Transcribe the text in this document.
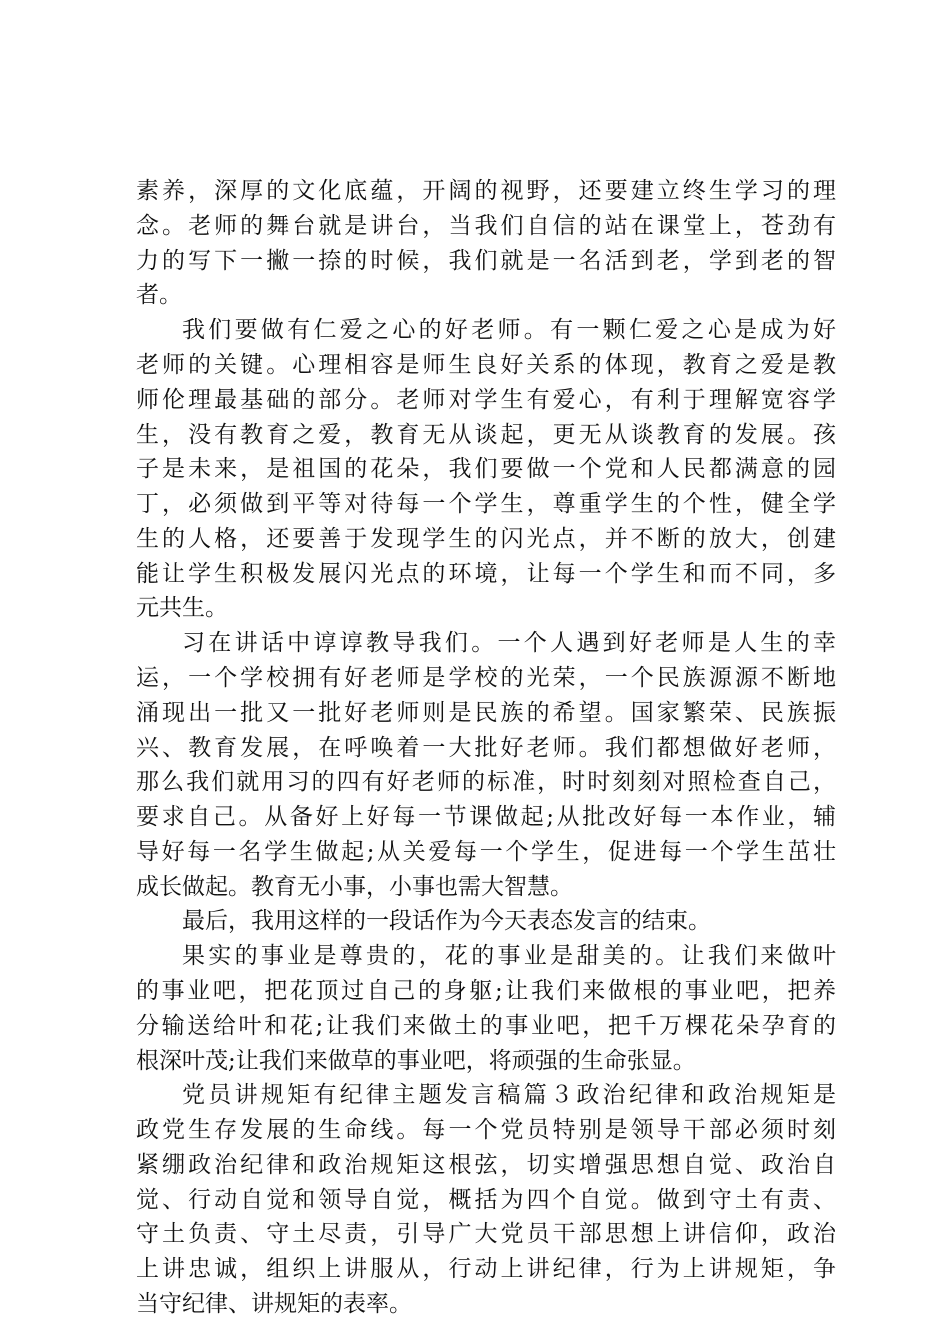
素养，深厚的文化底蕴，开阔的视野，还要建立终生学习的理
念。老师的舞台就是讲台，当我们自信的站在课堂上，苍劲有
力的写下一撇一捺的时候，我们就是一名活到老，学到老的智
者。
我们要做有仁爱之心的好老师。有一颗仁爱之心是成为好
老师的关键。心理相容是师生良好关系的体现，教育之爱是教
师伦理最基础的部分。老师对学生有爱心，有利于理解宽容学
生，没有教育之爱，教育无从谈起，更无从谈教育的发展。孩
子是未来，是祖国的花朵，我们要做一个党和人民都满意的园
丁，必须做到平等对待每一个学生，尊重学生的个性，健全学
生的人格，还要善于发现学生的闪光点，并不断的放大，创建
能让学生积极发展闪光点的环境，让每一个学生和而不同，多
元共生。
习在讲话中谆谆教导我们。一个人遇到好老师是人生的幸
运，一个学校拥有好老师是学校的光荣，一个民族源源不断地
涌现出一批又一批好老师则是民族的希望。国家繁荣、民族振
兴、教育发展，在呼唤着一大批好老师。我们都想做好老师，
那么我们就用习的四有好老师的标准，时时刻刻对照检查自己，
要求自己。从备好上好每一节课做起;从批改好每一本作业，辅
导好每一名学生做起;从关爱每一个学生，促进每一个学生茁壮
成长做起。教育无小事，小事也需大智慧。
最后，我用这样的一段话作为今天表态发言的结束。
果实的事业是尊贵的，花的事业是甜美的。让我们来做叶
的事业吧，把花顶过自己的身躯;让我们来做根的事业吧，把养
分输送给叶和花;让我们来做土的事业吧，把千万棵花朵孕育的
根深叶茂;让我们来做草的事业吧，将顽强的生命张显。
党员讲规矩有纪律主题发言稿篇３政治纪律和政治规矩是
政党生存发展的生命线。每一个党员特别是领导干部必须时刻
紧绷政治纪律和政治规矩这根弦，切实增强思想自觉、政治自
觉、行动自觉和领导自觉，概括为四个自觉。做到守土有责、
守土负责、守土尽责，引导广大党员干部思想上讲信仰，政治
上讲忠诚，组织上讲服从，行动上讲纪律，行为上讲规矩，争
当守纪律、讲规矩的表率。
